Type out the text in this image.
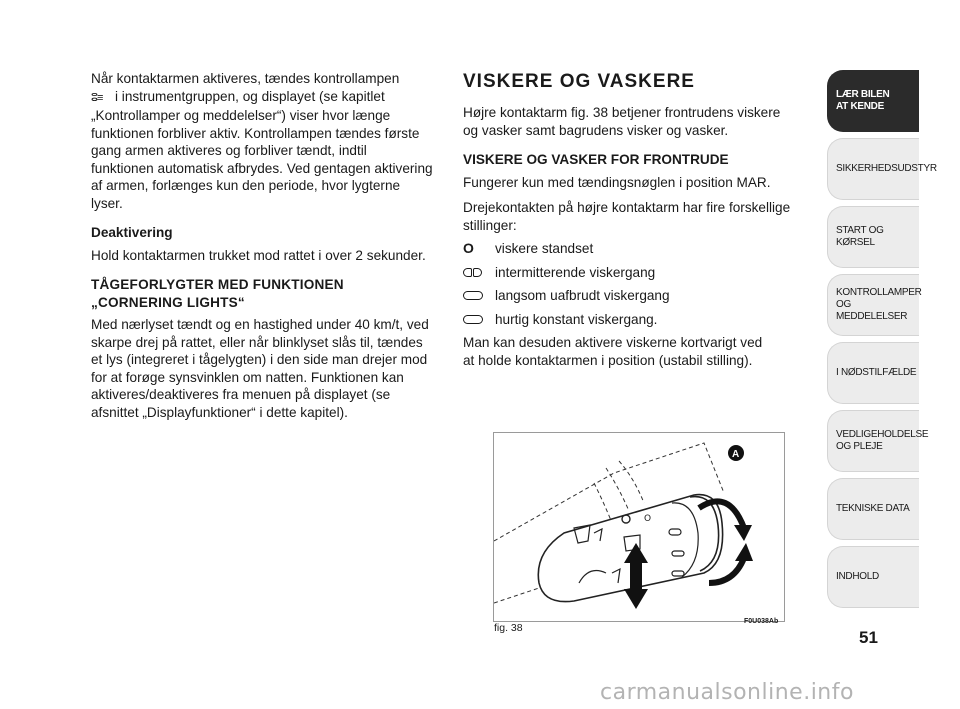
Når kontaktarmen aktiveres, tændes kontrollampen
ⵓ≡ i instrumentgruppen, og displayet (se kapitlet
„Kontrollamper og meddelelser“) viser hvor længe
funktionen forbliver aktiv. Kontrollampen tændes første
gang armen aktiveres og forbliver tændt, indtil
funktionen automatisk afbrydes. Ved gentagen aktivering
af armen, forlænges kun den periode, hvor lygterne
lyser.

Deaktivering

Hold kontaktarmen trukket mod rattet i over 2 sekunder.

TÅGEFORLYGTER MED FUNKTIONEN
„CORNERING LIGHTS“

Med nærlyset tændt og en hastighed under 40 km/t, ved
skarpe drej på rattet, eller når blinklyset slås til, tændes
et lys (integreret i tågelygten) i den side man drejer mod
for at forøge synsvinklen om natten. Funktionen kan
aktiveres/deaktiveres fra menuen på displayet (se
afsnittet „Displayfunktioner“ i dette kapitel).

VISKERE OG VASKERE

Højre kontaktarm fig. 38 betjener frontrudens viskere
og vasker samt bagrudens visker og vasker.

VISKERE OG VASKER FOR FRONTRUDE

Fungerer kun med tændingsnøglen i position MAR.

Drejekontakten på højre kontaktarm har fire forskellige
stillinger:

O	viskere standset
intermitterende viskergang
langsom uafbrudt viskergang
hurtig konstant viskergang.

Man kan desuden aktivere viskerne kortvarigt ved
at holde kontaktarmen i position (ustabil stilling).

O
A
fig. 38
F0U038Ab
LÆR BILEN
AT KENDE
SIKKERHEDSUDSTYR
START OG KØRSEL
KONTROLLAMPER
OG MEDDELELSER
I NØDSTILFÆLDE
VEDLIGEHOLDELSE
OG PLEJE
TEKNISKE DATA
INDHOLD
51
carmanualsonline.info
